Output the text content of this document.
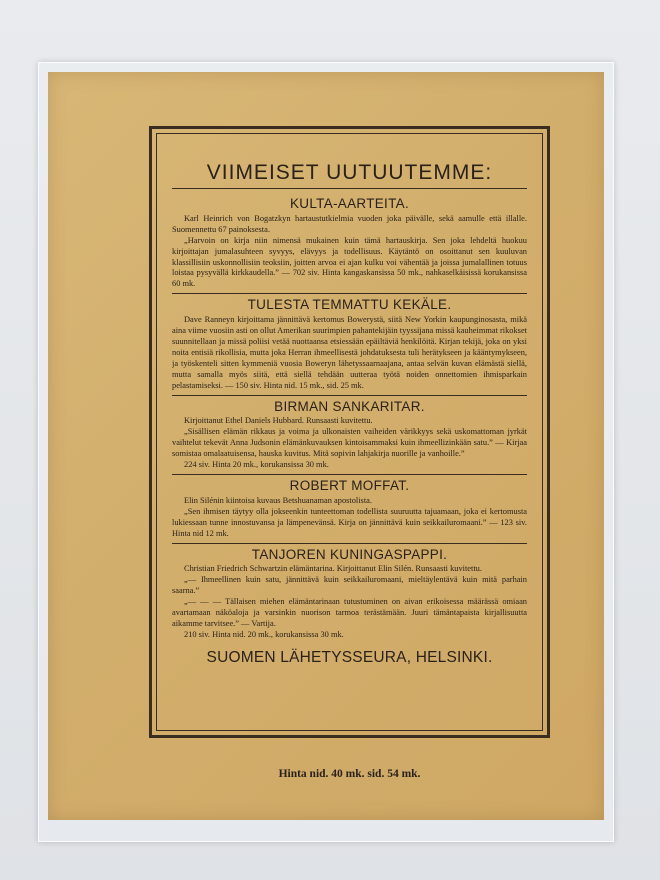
VIIMEISET UUTUUTEMME:
KULTA-AARTEITA.

Karl Heinrich von Bogatzkyn hartaustutkielmia vuoden joka päivälle, sekä aamulle että illalle. Suomennettu 67 painoksesta.

„Harvoin on kirja niin nimensä mukainen kuin tämä hartauskirja. Sen joka lehdeltä huokuu kirjoittajan jumalasuhteen syvyys, elävyys ja todellisuus. Käytäntö on osoittanut sen kuuluvan klassillisiin uskonnollisiin teoksiin, joitten arvoa ei ajan kulku voi vähentää ja joissa jumalallinen totuus loistaa pysyvällä kirkkaudella.” — 702 siv. Hinta kangaskansissa 50 mk., nahkaselkäisissä korukansissa 60 mk.

TULESTA TEMMATTU KEKÄLE.

Dave Ranneyn kirjoittama jännittävä kertomus Bowerystä, siitä New Yorkin kaupunginosasta, mikä aina viime vuosiin asti on ollut Amerikan suurimpien pahantekijäin tyyssijana missä kauheimmat rikokset suunnitellaan ja missä poliisi vetää nuottaansa etsiessään epäiltäviä henkilöitä. Kirjan tekijä, joka on yksi noita entisiä rikollisia, mutta joka Herran ihmeellisestä johdatuksesta tuli herätykseen ja kääntymykseen, ja työskenteli sitten kymmeniä vuosia Boweryn lähetyssaarnaajana, antaa selvän kuvan elämästä siellä, mutta samalla myös siitä, että siellä tehdään uutteraa työtä noiden onnettomien ihmisparkain pelastamiseksi. — 150 siv. Hinta nid. 15 mk., sid. 25 mk.

BIRMAN SANKARITAR.

Kirjoittanut Ethel Daniels Hubbard. Runsaasti kuvitettu.

„Sisällisen elämän rikkaus ja voima ja ulkonaisten vaiheiden värikkyys sekä uskomattoman jyrkät vaihtelut tekevät Anna Judsonin elämänkuvauksen kintoisammaksi kuin ihmeellizinkään satu.” — Kirjaa somistaa omalaatuisensa, hauska kuvitus. Mitä sopivin lahjakirja nuorille ja vanhoille.”

224 siv. Hinta 20 mk., korukansissa 30 mk.

ROBERT MOFFAT.

Elin Silénin kiintoisa kuvaus Betshuanaman apostolista.

„Sen ihmisen täytyy olla jokseenkin tunteettoman todellista suuruutta tajuamaan, joka ei kertomusta lukiessaan tunne innostuvansa ja lämpenevänsä. Kirja on jännittävä kuin seikkailuromaani.” — 123 siv. Hinta nid 12 mk.

TANJOREN KUNINGASPAPPI.

Christian Friedrich Schwartzin elämäntarina. Kirjoittanut Elin Silén. Runsaasti kuvitettu.

„— Ihmeellinen kuin satu, jännittävä kuin seikkailuromaani, mieltäylentävä kuin mitä parhain saarna.”

„— — — Tällaisen miehen elämäntarinaan tutustuminen on aivan erikoisessa määrässä omiaan avartamaan näköaloja ja varsinkin nuorison tarmoa terästämään. Juuri tämäntapaista kirjallisuutta aikamme tarvitsee.” — Vartija.

210 siv. Hinta nid. 20 mk., korukansissa 30 mk.

SUOMEN LÄHETYSSEURA, HELSINKI.
Hinta nid. 40 mk. sid. 54 mk.
